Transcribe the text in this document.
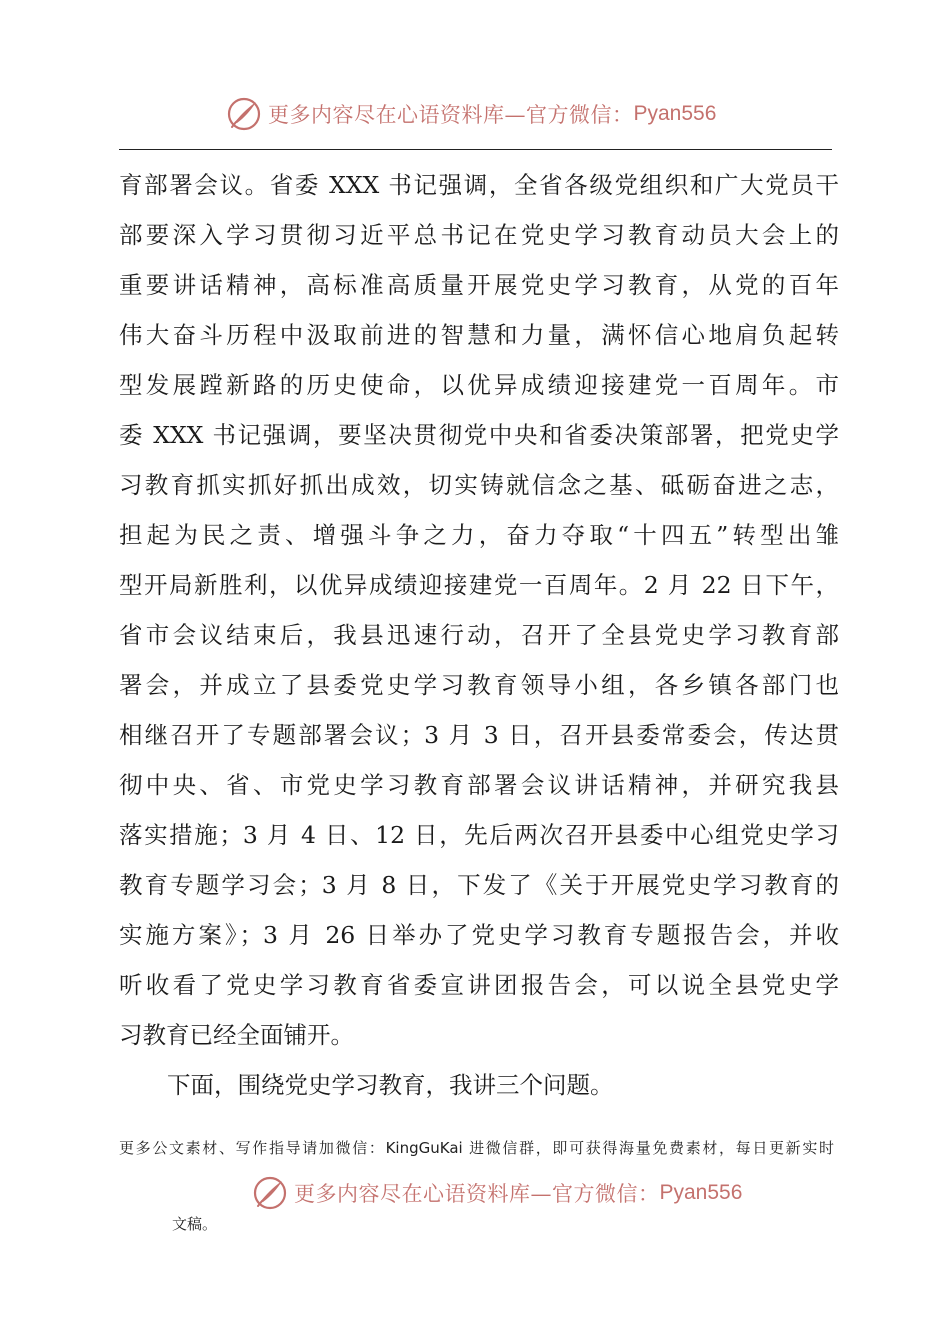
更多内容尽在心语资料库—官方微信： Pyan556
育部署会议。省委 XXX 书记强调，全省各级党组织和广大党员干
部要深入学习贯彻习近平总书记在党史学习教育动员大会上的
重要讲话精神，高标准高质量开展党史学习教育，从党的百年
伟大奋斗历程中汲取前进的智慧和力量，满怀信心地肩负起转
型发展蹚新路的历史使命，以优异成绩迎接建党一百周年。市
委 XXX 书记强调，要坚决贯彻党中央和省委决策部署，把党史学
习教育抓实抓好抓出成效，切实铸就信念之基、砥砺奋进之志，
担起为民之责、增强斗争之力，奋力夺取“十四五”转型出雏
型开局新胜利，以优异成绩迎接建党一百周年。2 月 22 日下午，
省市会议结束后，我县迅速行动，召开了全县党史学习教育部
署会，并成立了县委党史学习教育领导小组，各乡镇各部门也
相继召开了专题部署会议；3 月 3 日，召开县委常委会，传达贯
彻中央、省、市党史学习教育部署会议讲话精神，并研究我县
落实措施；3 月 4 日、12 日，先后两次召开县委中心组党史学习
教育专题学习会；3 月 8 日，下发了《关于开展党史学习教育的
实施方案》；3 月 26 日举办了党史学习教育专题报告会，并收
听收看了党史学习教育省委宣讲团报告会，可以说全县党史学
习教育已经全面铺开。
下面，围绕党史学习教育，我讲三个问题。
更多公文素材、写作指导请加微信：KingGuKai 进微信群，即可获得海量免费素材，每日更新实时
更多内容尽在心语资料库—官方微信： Pyan556
文稿。
